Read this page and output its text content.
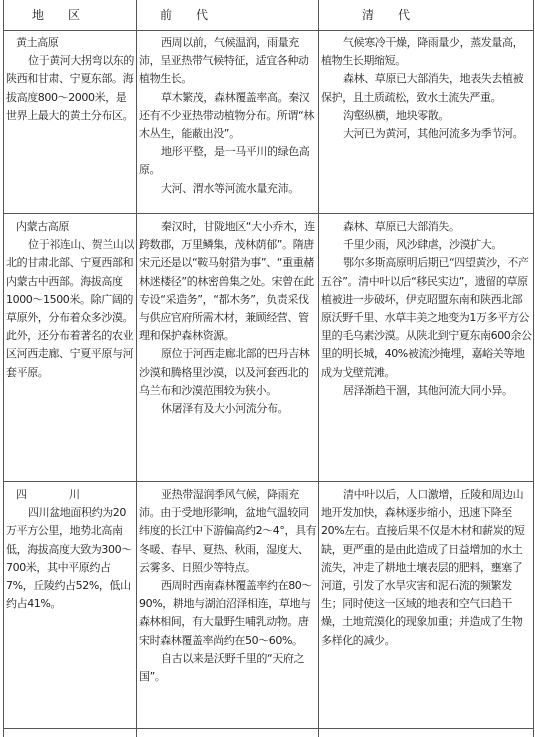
地　　区	前　　代	清　　代

黄土高原

位于黄河大拐弯以东的陕西和甘肃、宁夏东部。海拔高度800～2000米，是世界上最大的黄土分布区。

西周以前，气候温润，雨量充沛，呈亚热带气候特征，适宜各种动植物生长。

草木繁茂，森林覆盖率高。秦汉还有不少亚热带动植物分布。所谓“林木丛生，能蔽出没”。

地形平整，是一马平川的绿色高原。

大河、渭水等河流水量充沛。

气候寒冷干燥，降雨量少，蒸发量高，植物生长期缩短。

森林、草原已大部消失，地表失去植被保护，且土质疏松，致水土流失严重。

沟壑纵横，地块零散。

大河已为黄河，其他河流多为季节河。

内蒙古高原

位于祁连山、贺兰山以北的甘肃北部、宁夏西部和内蒙古中西部。海拔高度1000～1500米。除广阔的草原外，分布着众多沙漠。此外，还分布着著名的农业区河西走廊、宁夏平原与河套平原。

秦汉时，甘陇地区“大小乔木，连跨数郡，万里鳞集，茂林荫郁”。隋唐宋元还是以“鞍马射猎为事”、“重重赭林迷楼径”的林密兽集之处。宋曾在此专设“采造务”，“都木务”，负责采伐与供应官府所需木材，兼顾经营、管理和保护森林资源。

原位于河西走廊北部的巴丹吉林沙漠和腾格里沙漠，以及河套西北的乌兰布和沙漠范围较为狭小。

休屠泽有及大小河流分布。

森林、草原已大部消失。

千里少雨，风沙肆虐，沙漠扩大。

鄂尔多斯高原明后期已“四望黄沙，不产五谷”。清中叶以后“移民实边”，遗留的草原植被进一步破坏，伊克昭盟东南和陕西北部原沃野千里、水草丰美之地变为1万多平方公里的毛乌素沙漠。从陕北到宁夏东南600余公里的明长城，40%被流沙掩埋，嘉峪关等地成为戈壁荒滩。

居泽渐趋干涸，其他河流大同小异。

四　　　　川

四川盆地面积约为20万平方公里，地势北高南低，海拔高度大致为300～700米，其中平原约占7%，丘陵约占52%，低山约占41%。

亚热带湿润季风气候，降雨充沛。由于受地形影响，盆地气温较同纬度的长江中下游偏高约2～4°，具有冬暖、春早、夏热、秋雨，湿度大、云雾多、日照少等特点。

西周时西南森林覆盖率约在80～90%，耕地与湖泊沼泽相连，草地与森林相间，有大量野生哺乳动物。唐宋时森林覆盖率尚约在50～60%。

自古以来是沃野千里的“天府之国”。

清中叶以后，人口激增，丘陵和周边山地开发加快，森林逐步缩小，迅速下降至20%左右。直接后果不仅是木材和薪炭的短缺，更严重的是由此造成了日益增加的水土流失，冲走了耕地土壤表层的肥料，壅塞了河道，引发了水旱灾害和泥石流的频繁发生；同时使这一区域的地表和空气曰趋干燥，土地荒漠化的现象加重；并造成了生物多样化的减少。
